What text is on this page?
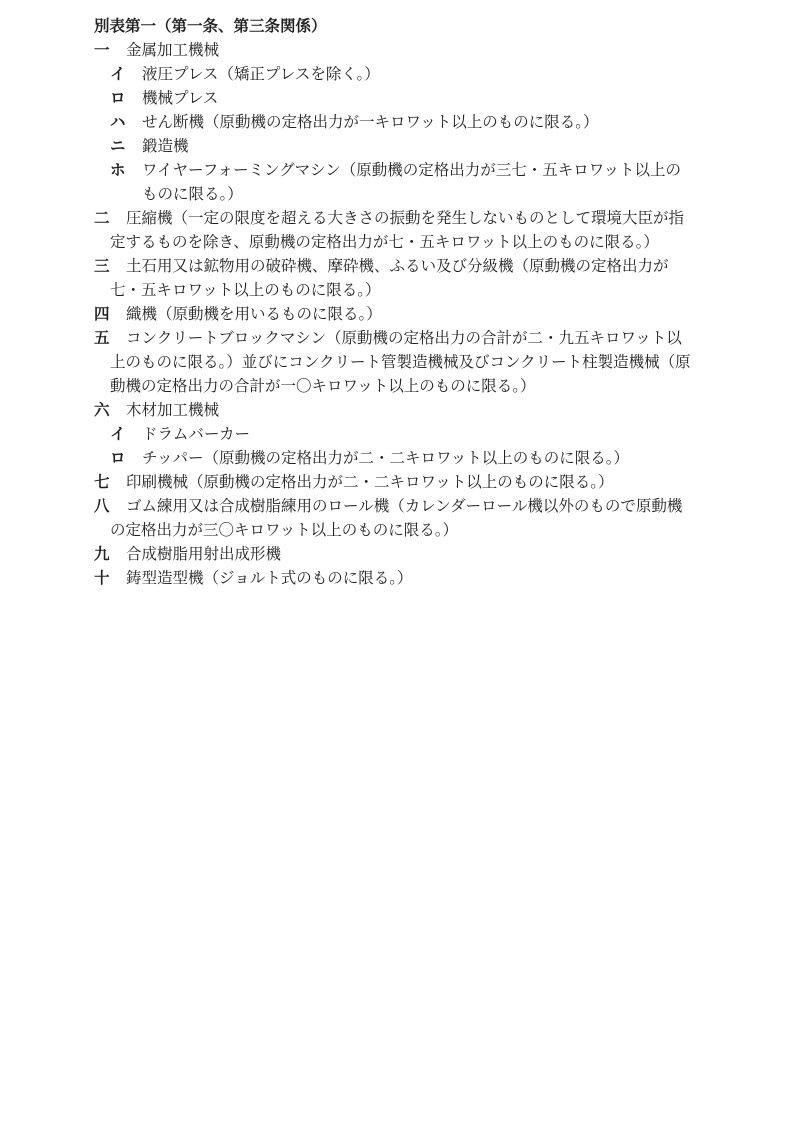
別表第一（第一条、第三条関係）
一 金属加工機械
イ 液圧プレス（矯正プレスを除く。）
ロ 機械プレス
ハ せん断機（原動機の定格出力が一キロワット以上のものに限る。）
ニ 鍛造機
ホ ワイヤーフォーミングマシン（原動機の定格出力が三七・五キロワット以上のものに限る。）
二 圧縮機（一定の限度を超える大きさの振動を発生しないものとして環境大臣が指定するものを除き、原動機の定格出力が七・五キロワット以上のものに限る。）
三 土石用又は鉱物用の破砕機、摩砕機、ふるい及び分級機（原動機の定格出力が七・五キロワット以上のものに限る。）
四 織機（原動機を用いるものに限る。）
五 コンクリートブロックマシン（原動機の定格出力の合計が二・九五キロワット以上のものに限る。）並びにコンクリート管製造機械及びコンクリート柱製造機械（原動機の定格出力の合計が一〇キロワット以上のものに限る。）
六 木材加工機械
イ ドラムバーカー
ロ チッパー（原動機の定格出力が二・二キロワット以上のものに限る。）
七 印刷機械（原動機の定格出力が二・二キロワット以上のものに限る。）
八 ゴム練用又は合成樹脂練用のロール機（カレンダーロール機以外のもので原動機の定格出力が三〇キロワット以上のものに限る。）
九 合成樹脂用射出成形機
十 鋳型造型機（ジョルト式のものに限る。）
